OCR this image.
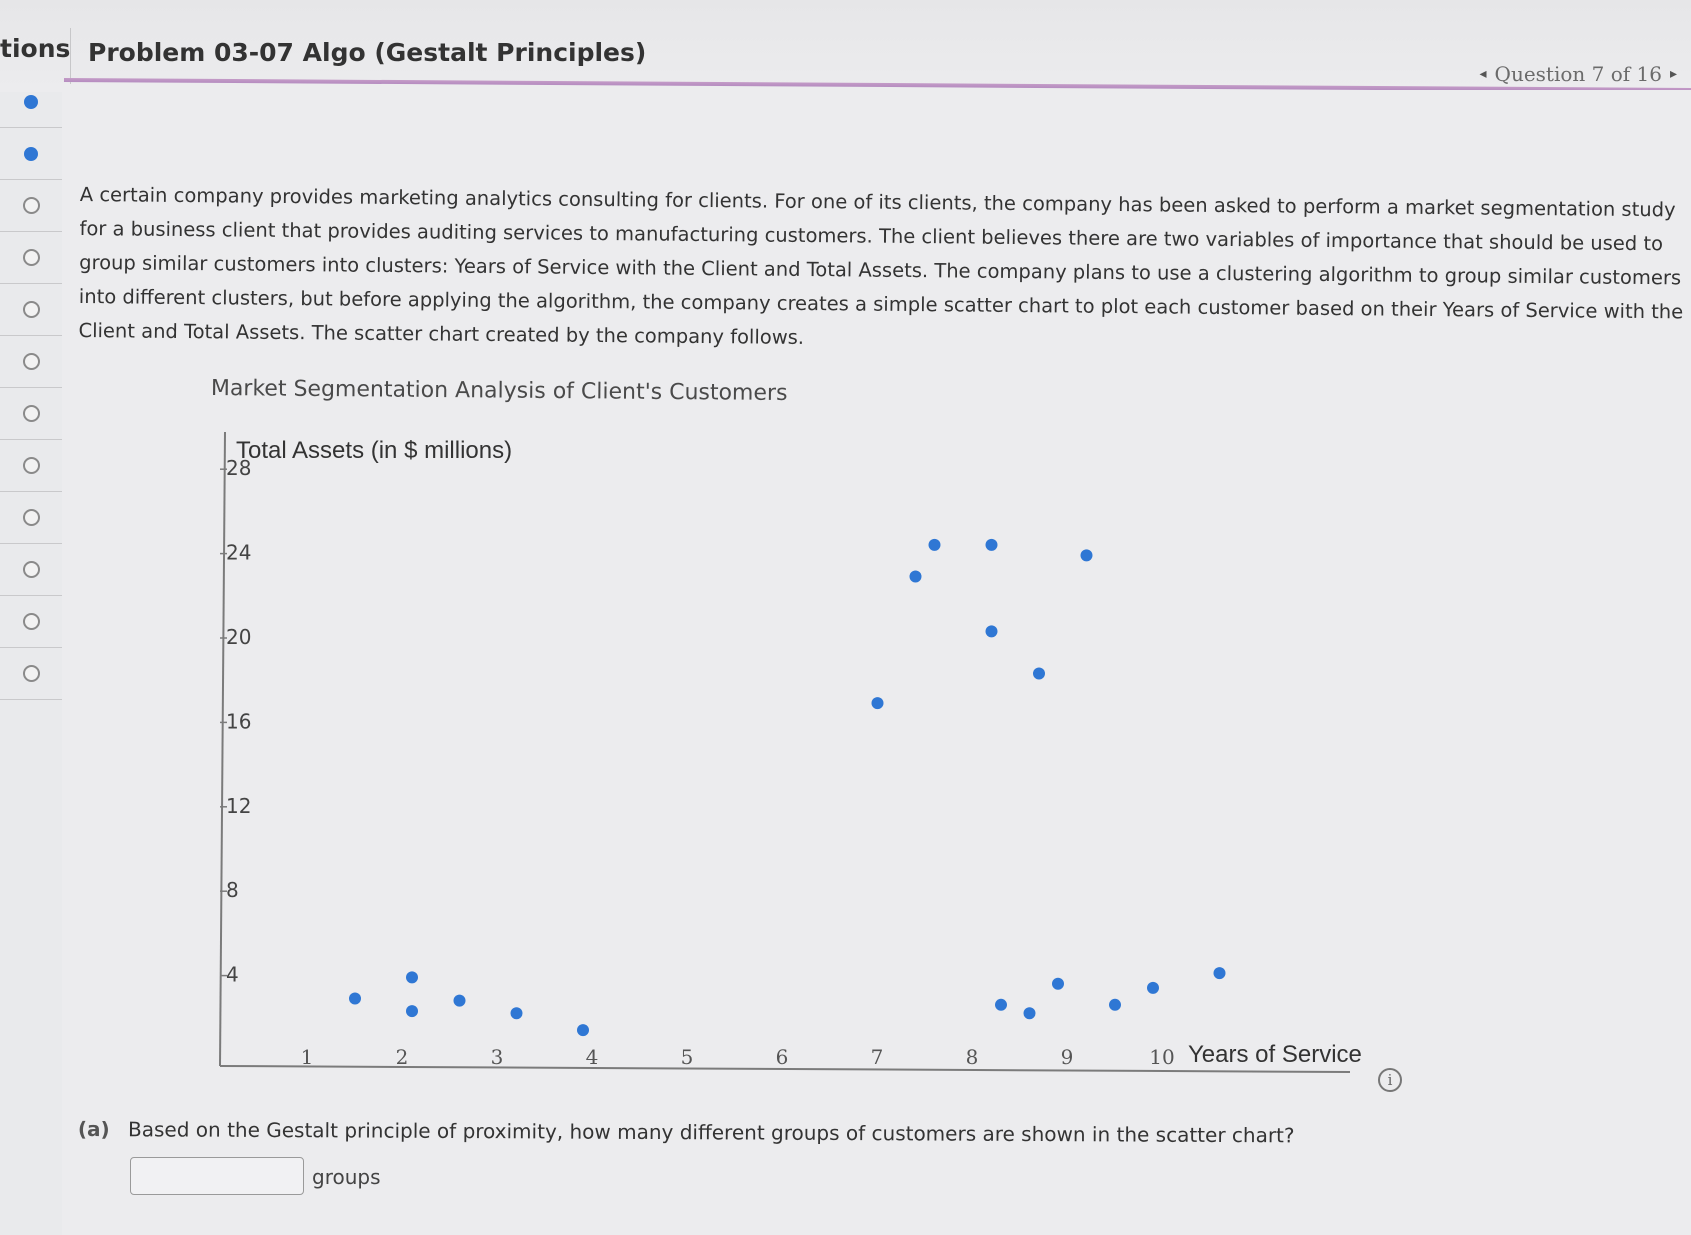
tions Problem 03-07 Algo (Gestalt Principles)
◂ Question 7 of 16 ▸
A certain company provides marketing analytics consulting for clients. For one of its clients, the company has been asked to perform a market segmentation study for a business client that provides auditing services to manufacturing customers. The client believes there are two variables of importance that should be used to group similar customers into clusters: Years of Service with the Client and Total Assets. The company plans to use a clustering algorithm to group similar customers into different clusters, but before applying the algorithm, the company creates a simple scatter chart to plot each customer based on their Years of Service with the Client and Total Assets. The scatter chart created by the company follows.
Market Segmentation Analysis of Client's Customers
Total Assets (in $ millions)
28
24
20
16
12
8
4
1	2	3	4	5	6	7	8	9	10 Years of Service
i
(a) Based on the Gestalt principle of proximity, how many different groups of customers are shown in the scatter chart?
groups
